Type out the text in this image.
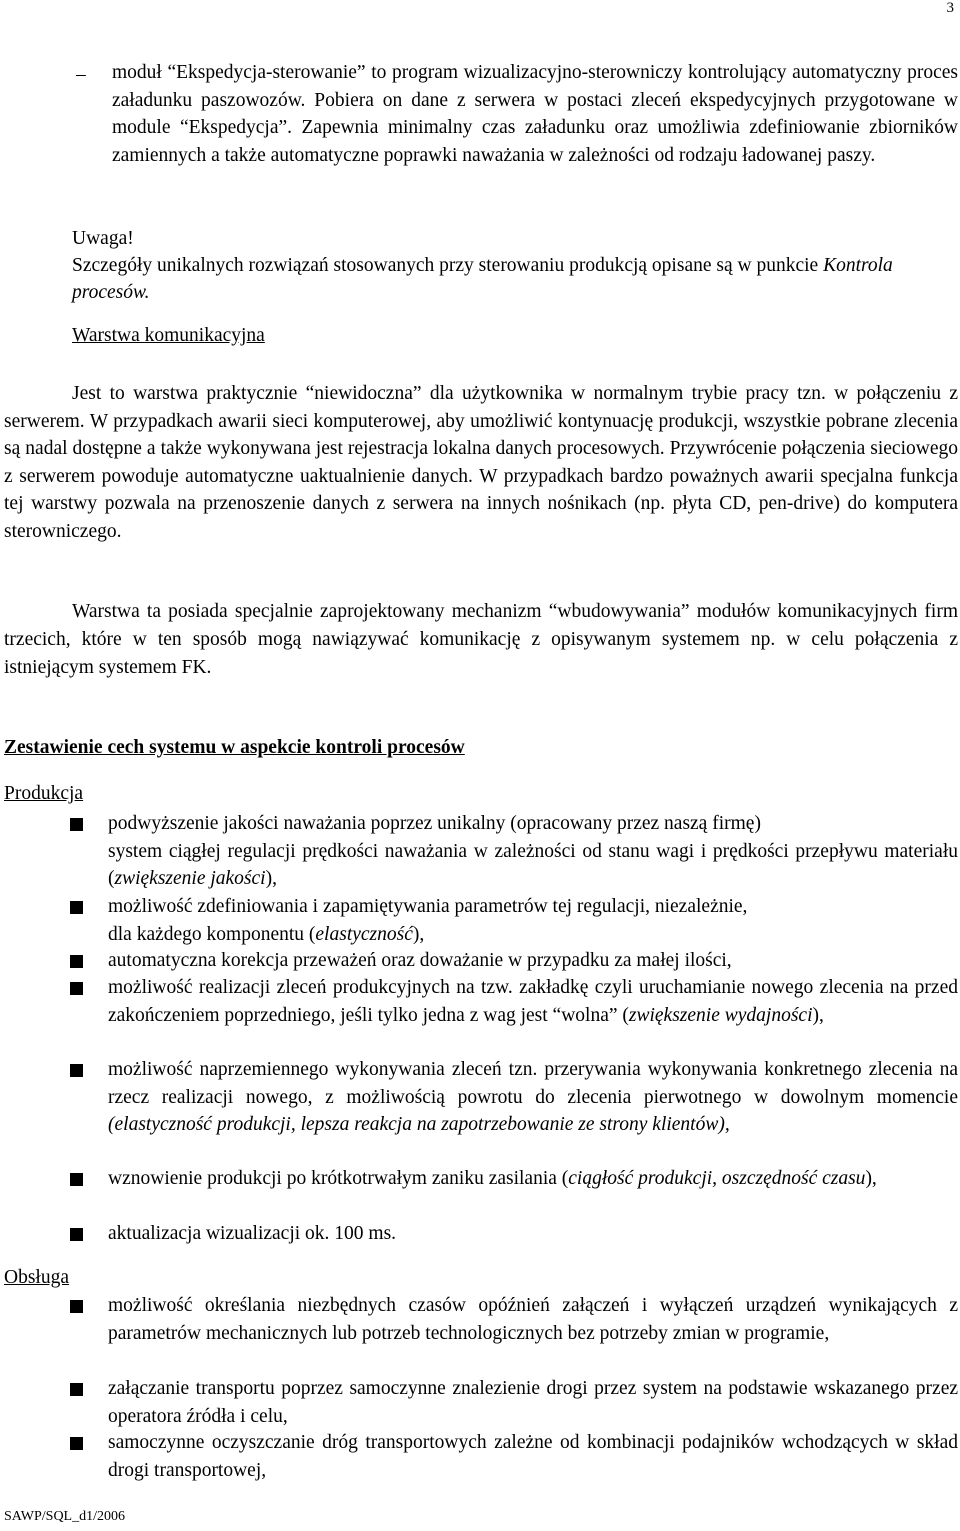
3
– moduł “Ekspedycja-sterowanie” to program wizualizacyjno-sterowniczy kontrolujący automatyczny proces załadunku paszowozów. Pobiera on dane z serwera w postaci zleceń ekspedycyjnych przygotowane w module “Ekspedycja”. Zapewnia minimalny czas załadunku oraz umożliwia zdefiniowanie zbiorników zamiennych a także automatyczne poprawki naważania w zależności od rodzaju ładowanej paszy.
Uwaga!
Szczegóły unikalnych rozwiązań stosowanych przy sterowaniu produkcją opisane są w punkcie Kontrola procesów.
Warstwa komunikacyjna
Jest to warstwa praktycznie “niewidoczna” dla użytkownika w normalnym trybie pracy tzn. w połączeniu z serwerem. W przypadkach awarii sieci komputerowej, aby umożliwić kontynuację produkcji, wszystkie pobrane zlecenia są nadal dostępne a także wykonywana jest rejestracja lokalna danych procesowych. Przywrócenie połączenia sieciowego z serwerem powoduje automatyczne uaktualnienie danych. W przypadkach bardzo poważnych awarii specjalna funkcja tej warstwy pozwala na przenoszenie danych z serwera na innych nośnikach (np. płyta CD, pen-drive) do komputera sterowniczego.
Warstwa ta posiada specjalnie zaprojektowany mechanizm “wbudowywania” modułów komunikacyjnych firm trzecich, które w ten sposób mogą nawiązywać komunikację z opisywanym systemem np. w celu połączenia z istniejącym systemem FK.
Zestawienie cech systemu w aspekcie kontroli procesów
Produkcja
podwyższenie jakości naważania poprzez unikalny (opracowany przez naszą firmę)
system ciągłej regulacji prędkości naważania w zależności od stanu wagi i prędkości przepływu materiału (zwiększenie jakości),
możliwość zdefiniowania i zapamiętywania parametrów tej regulacji, niezależnie,
dla każdego komponentu (elastyczność),
automatyczna korekcja przeważeń oraz doważanie w przypadku za małej ilości,
możliwość realizacji zleceń produkcyjnych na tzw. zakładkę czyli uruchamianie nowego zlecenia na przed zakończeniem poprzedniego, jeśli tylko jedna z wag jest “wolna” (zwiększenie wydajności),
możliwość naprzemiennego wykonywania zleceń tzn. przerywania wykonywania konkretnego zlecenia na rzecz realizacji nowego, z możliwością powrotu do zlecenia pierwotnego w dowolnym momencie (elastyczność produkcji, lepsza reakcja na zapotrzebowanie ze strony klientów),
wznowienie produkcji po krótkotrwałym zaniku zasilania (ciągłość produkcji, oszczędność czasu),
aktualizacja wizualizacji ok. 100 ms.
Obsługa
możliwość określania niezbędnych czasów opóźnień załączeń i wyłączeń urządzeń wynikających z parametrów mechanicznych lub potrzeb technologicznych bez potrzeby zmian w programie,
załączanie transportu poprzez samoczynne znalezienie drogi przez system na podstawie wskazanego przez operatora źródła i celu,
samoczynne oczyszczanie dróg transportowych zależne od kombinacji podajników wchodzących w skład drogi transportowej,
SAWP/SQL_d1/2006
